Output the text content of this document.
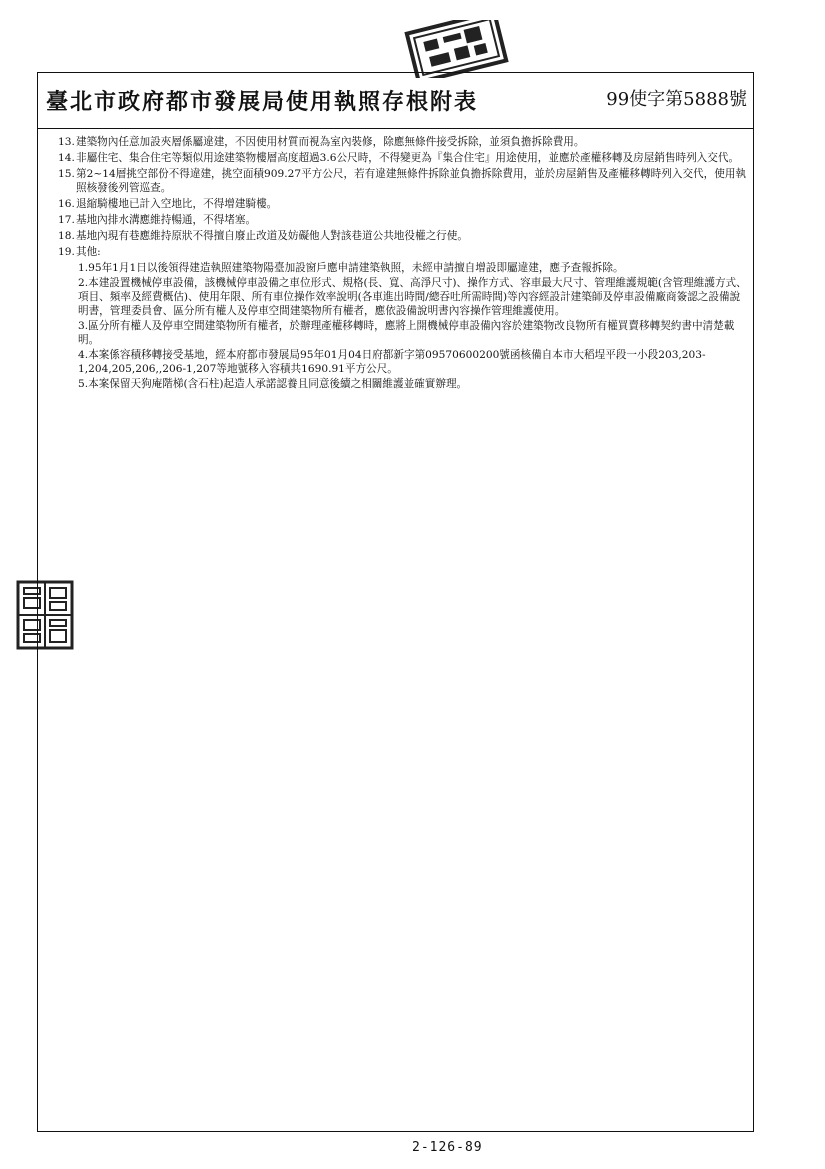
臺北市政府都市發展局使用執照存根附表	99使字第5888號
13. 建築物內任意加設夾層係屬違建，不因使用材質而視為室內裝修，除應無條件接受拆除，並須負擔拆除費用。
14. 非屬住宅、集合住宅等類似用途建築物樓層高度超過3.6公尺時，不得變更為『集合住宅』用途使用，並應於產權移轉及房屋銷售時列入交代。
15. 第2~14層挑空部份不得違建，挑空面積909.27平方公尺，若有違建無條件拆除並負擔拆除費用，並於房屋銷售及產權移轉時列入交代，使用執照核發後列管巡查。
16. 退縮騎樓地已計入空地比，不得增建騎樓。
17. 基地內排水溝應維持暢通，不得堵塞。
18. 基地內現有巷應維持原狀不得擅自廢止改道及妨礙他人對該巷道公共地役權之行使。
19. 其他:
1.95年1月1日以後領得建造執照建築物陽臺加設窗戶應申請建築執照，未經申請擅自增設即屬違建，應予查報拆除。
2.本建設置機械停車設備，該機械停車設備之車位形式、規格(長、寬、高淨尺寸)、操作方式、容車最大尺寸、管理維護規範(含管理維護方式、項目、頻率及經費概估)、使用年限、所有車位操作效率說明(各車進出時間/總吞吐所需時間)等內容經設計建築師及停車設備廠商簽認之設備說明書，管理委員會、區分所有權人及停車空間建築物所有權者，應依設備說明書內容操作管理維護使用。
3.區分所有權人及停車空間建築物所有權者，於辦理產權移轉時，應將上開機械停車設備內容於建築物改良物所有權買賣移轉契約書中清楚載明。
4.本案係容積移轉接受基地，經本府都市發展局95年01月04日府都新字第09570600200號函核備自本市大稻埕平段一小段203,203-1,204,205,206,,206-1,207等地號移入容積共1690.91平方公尺。
5.本案保留天狗庵階梯(含石柱)起造人承諾認養且同意後續之相關維護並確實辦理。
2-126-89
